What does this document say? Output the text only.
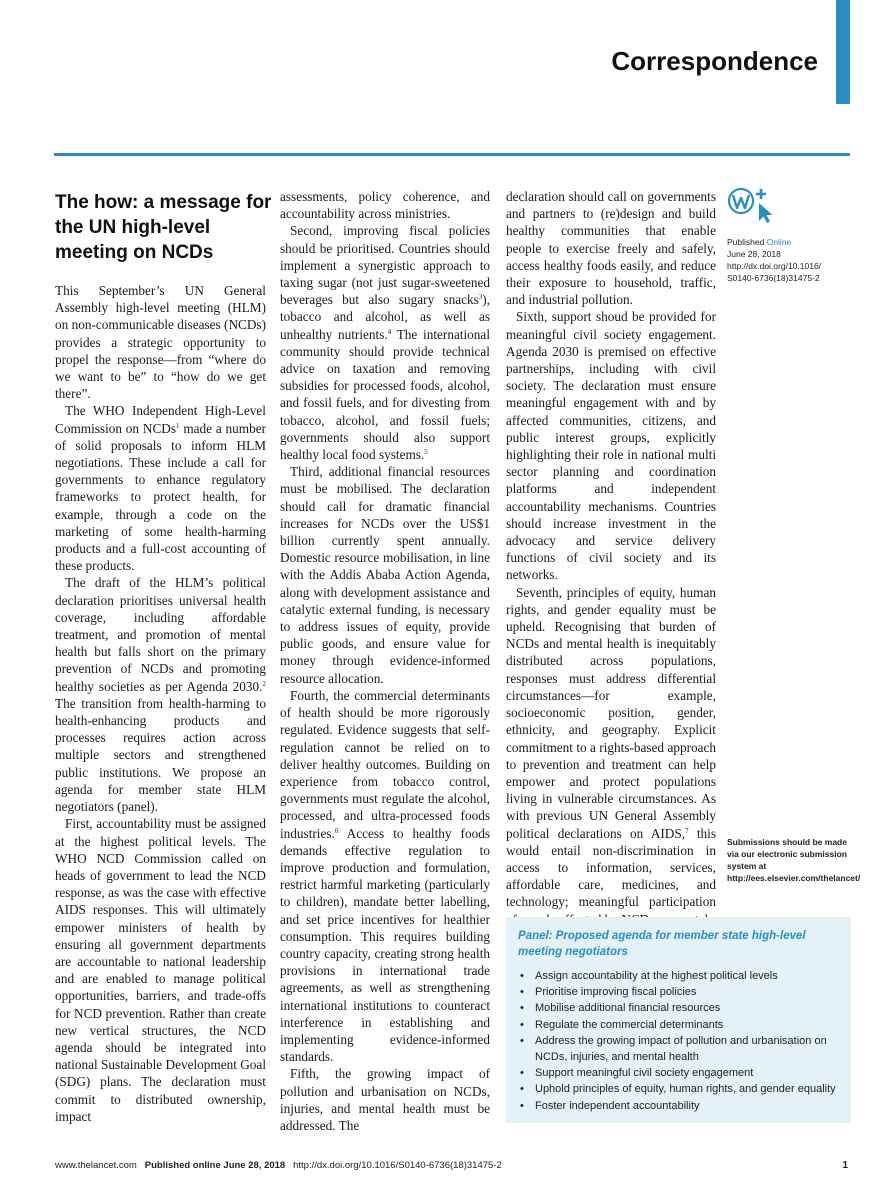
Correspondence
The how: a message for the UN high-level meeting on NCDs

This September’s UN General Assembly high-level meeting (HLM) on non-communicable diseases (NCDs) provides a strategic opportunity to propel the response—from “where do we want to be” to “how do we get there”.

The WHO Independent High-Level Commission on NCDs$^1$ made a number of solid proposals to inform HLM negotiations. These include a call for governments to enhance regulatory frameworks to protect health, for example, through a code on the marketing of some health-harming products and a full-cost accounting of these products.

The draft of the HLM’s political declaration prioritises universal health coverage, including affordable treatment, and promotion of mental health but falls short on the primary prevention of NCDs and promoting healthy societies as per Agenda 2030.$^2$ The transition from health-harming to health-enhancing products and processes requires action across multiple sectors and strengthened public institutions. We propose an agenda for member state HLM negotiators (panel).

First, accountability must be assigned at the highest political levels. The WHO NCD Commission called on heads of government to lead the NCD response, as was the case with effective AIDS responses. This will ultimately empower ministers of health by ensuring all government departments are accountable to national leadership and are enabled to manage political opportunities, barriers, and trade-offs for NCD prevention. Rather than create new vertical structures, the NCD agenda should be integrated into national Sustainable Development Goal (SDG) plans. The declaration must commit to distributed ownership, impact

assessments, policy coherence, and accountability across ministries.

Second, improving fiscal policies should be prioritised. Countries should implement a synergistic approach to taxing sugar (not just sugar-sweetened beverages but also sugary snacks$^3$), tobacco and alcohol, as well as unhealthy nutrients.$^4$ The international community should provide technical advice on taxation and removing subsidies for processed foods, alcohol, and fossil fuels, and for divesting from tobacco, alcohol, and fossil fuels; governments should also support healthy local food systems.$^5$

Third, additional financial resources must be mobilised. The declaration should call for dramatic financial increases for NCDs over the US$1 billion currently spent annually. Domestic resource mobilisation, in line with the Addis Ababa Action Agenda, along with development assistance and catalytic external funding, is necessary to address issues of equity, provide public goods, and ensure value for money through evidence-informed resource allocation.

Fourth, the commercial determinants of health should be more rigorously regulated. Evidence suggests that self-regulation cannot be relied on to deliver healthy outcomes. Building on experience from tobacco control, governments must regulate the alcohol, processed, and ultra-processed foods industries.$^6$ Access to healthy foods demands effective regulation to improve production and formulation, restrict harmful marketing (particularly to children), mandate better labelling, and set price incentives for healthier consumption. This requires building country capacity, creating strong health provisions in international trade agreements, as well as strengthening international institutions to counteract interference in establishing and implementing evidence-informed standards.

Fifth, the growing impact of pollution and urbanisation on NCDs, injuries, and mental health must be addressed. The

declaration should call on governments and partners to (re)design and build healthy communities that enable people to exercise freely and safely, access healthy foods easily, and reduce their exposure to household, traffic, and industrial pollution.

Sixth, support shoud be provided for meaningful civil society engagement. Agenda 2030 is premised on effective partnerships, including with civil society. The declaration must ensure meaningful engagement with and by affected communities, citizens, and public interest groups, explicitly highlighting their role in national multi sector planning and coordination platforms and independent accountability mechanisms. Countries should increase investment in the advocacy and service delivery functions of civil society and its networks.

Seventh, principles of equity, human rights, and gender equality must be upheld. Recognising that burden of NCDs and mental health is inequitably distributed across populations, responses must address differential circumstances—for example, socioeconomic position, gender, ethnicity, and geography. Explicit commitment to a rights-based approach to prevention and treatment can help empower and protect populations living in vulnerable circumstances. As with previous UN General Assembly political declarations on AIDS,$^7$ this would entail non-discrimination in access to information, services, affordable care, medicines, and technology; meaningful participation

Published Online
June 28, 2018
http://dx.doi.org/10.1016/
S0140-6736(18)31475-2
Submissions should be made via our electronic submission system at http://ees.elsevier.com/thelancet/

Panel: Proposed agenda for member state high-level meeting negotiators

• Assign accountability at the highest political levels
• Prioritise improving fiscal policies
• Mobilise additional financial resources
• Regulate the commercial determinants
• Address the growing impact of pollution and urbanisation on NCDs, injuries, and mental health
• Support meaningful civil society engagement
• Uphold principles of equity, human rights, and gender equality
• Foster independent accountability
www.thelancet.com Published online June 28, 2018 http://dx.doi.org/10.1016/S0140-6736(18)31475-2	1
